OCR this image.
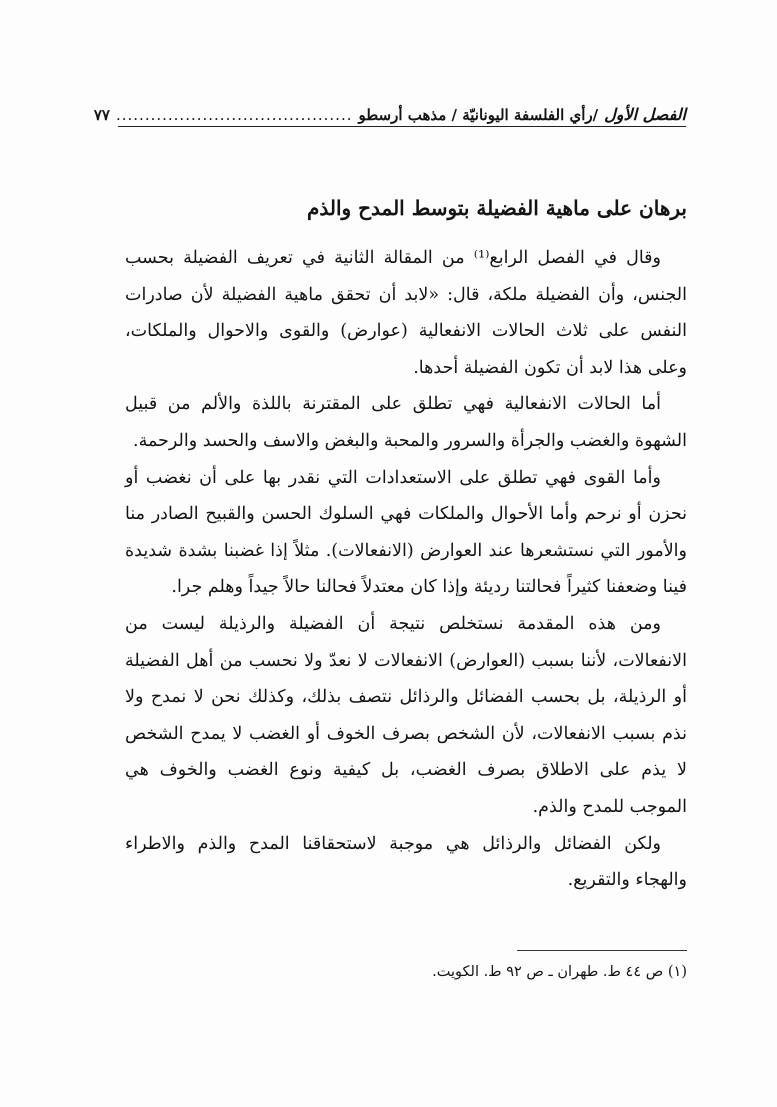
الفصل الأول
/رأي الفلسفة اليونانيّة / مذهب أرسطو
.........................................
٧٧
برهان على ماهية الفضيلة بتوسط المدح والذم

وقال في الفصل الرابع⁽¹⁾ من المقالة الثانية في تعريف الفضيلة بحسب الجنس، وأن الفضيلة ملكة، قال: «لابد أن تحقق ماهية الفضيلة لأن صادرات النفس على ثلاث الحالات الانفعالية (عوارض) والقوى والاحوال والملكات، وعلى هذا لابد أن تكون الفضيلة أحدها.

أما الحالات الانفعالية فهي تطلق على المقترنة باللذة والألم من قبيل الشهوة والغضب والجرأة والسرور والمحبة والبغض والاسف والحسد والرحمة.

وأما القوى فهي تطلق على الاستعدادات التي نقدر بها على أن نغضب أو نحزن أو نرحم وأما الأحوال والملكات فهي السلوك الحسن والقبيح الصادر منا والأمور التي نستشعرها عند العوارض (الانفعالات). مثلاً إذا غضبنا بشدة شديدة فينا وضعفنا كثيراً فحالتنا رديئة وإذا كان معتدلاً فحالنا حالاً جيداً وهلم جرا.

ومن هذه المقدمة نستخلص نتيجة أن الفضيلة والرذيلة ليست من الانفعالات، لأننا بسبب (العوارض) الانفعالات لا نعدّ ولا نحسب من أهل الفضيلة أو الرذيلة، بل بحسب الفضائل والرذائل نتصف بذلك، وكذلك نحن لا نمدح ولا نذم بسبب الانفعالات، لأن الشخص بصرف الخوف أو الغضب لا يمدح الشخص لا يذم على الاطلاق بصرف الغضب، بل كيفية ونوع الغضب والخوف هي الموجب للمدح والذم.

ولكن الفضائل والرذائل هي موجبة لاستحقاقنا المدح والذم والاطراء والهجاء والتقريع.

(١) ص ٤٤ ط. طهران ـ ص ٩٢ ط. الكويت.
